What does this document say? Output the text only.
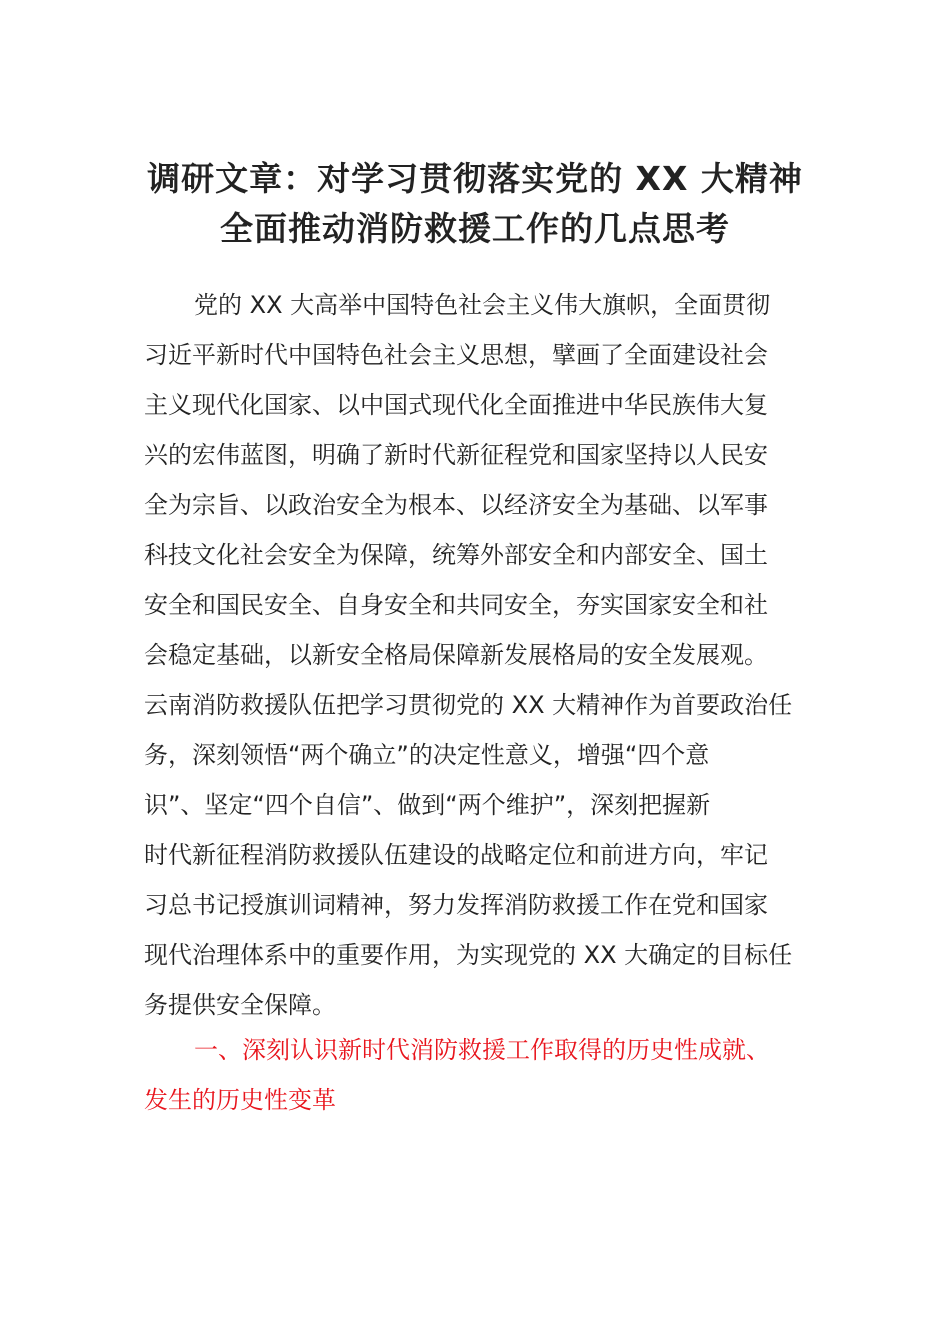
调研文章：对学习贯彻落实党的 XX 大精神
全面推动消防救援工作的几点思考
党的 XX 大高举中国特色社会主义伟大旗帜，全面贯彻
习近平新时代中国特色社会主义思想，擘画了全面建设社会
主义现代化国家、以中国式现代化全面推进中华民族伟大复
兴的宏伟蓝图，明确了新时代新征程党和国家坚持以人民安
全为宗旨、以政治安全为根本、以经济安全为基础、以军事
科技文化社会安全为保障，统筹外部安全和内部安全、国土
安全和国民安全、自身安全和共同安全，夯实国家安全和社
会稳定基础，以新安全格局保障新发展格局的安全发展观。
云南消防救援队伍把学习贯彻党的 XX 大精神作为首要政治任
务，深刻领悟“两个确立”的决定性意义，增强“四个意
识”、坚定“四个自信”、做到“两个维护”，深刻把握新
时代新征程消防救援队伍建设的战略定位和前进方向，牢记
习总书记授旗训词精神，努力发挥消防救援工作在党和国家
现代治理体系中的重要作用，为实现党的 XX 大确定的目标任
务提供安全保障。
一、深刻认识新时代消防救援工作取得的历史性成就、
发生的历史性变革
